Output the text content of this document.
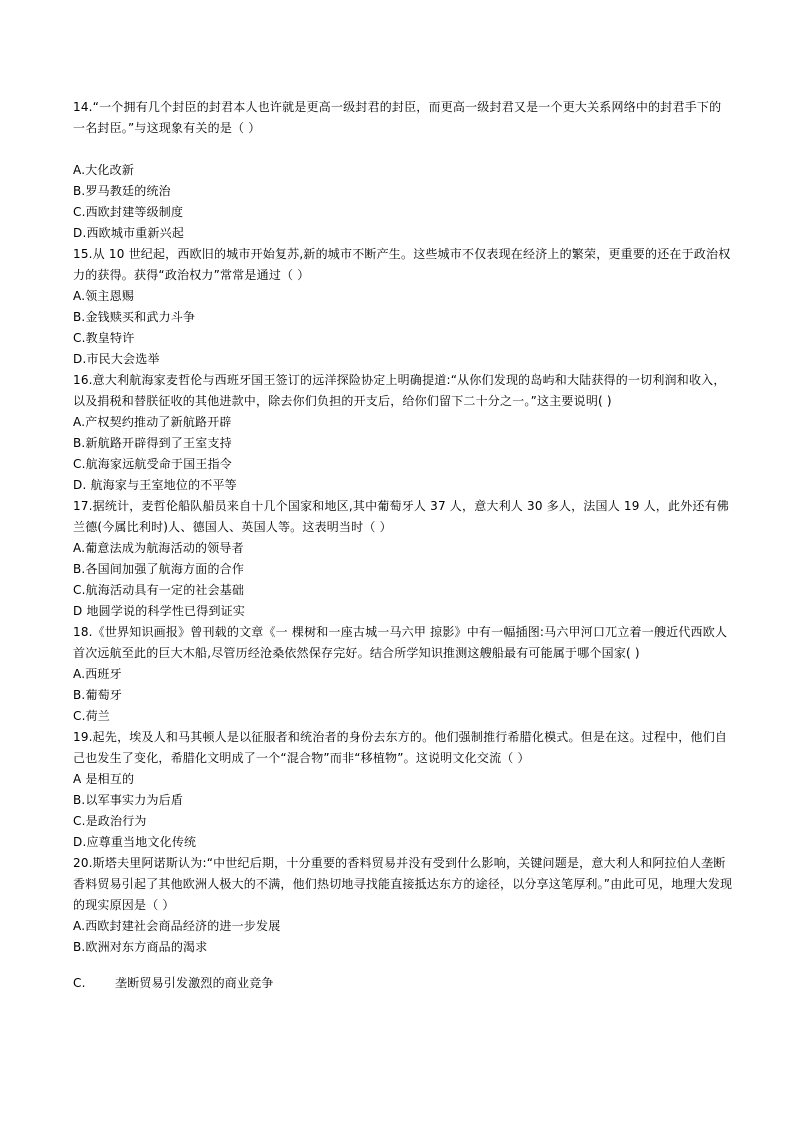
14.“一个拥有几个封臣的封君本人也许就是更高一级封君的封臣，而更高一级封君又是一个更大关系网络中的封君手下的一名封臣。”与这现象有关的是（ ）

A.大化改新

B.罗马教廷的统治

C.西欧封建等级制度

D.西欧城市重新兴起

15.从 10 世纪起，西欧旧的城市开始复苏,新的城市不断产生。这些城市不仅表现在经济上的繁荣，更重要的还在于政治权力的获得。获得“政治权力”常常是通过（ ）

A.领主恩赐

B.金钱赎买和武力斗争

C.教皇特许

D.市民大会选举

16.意大利航海家麦哲伦与西班牙国王签订的远洋探险协定上明确提道:“从你们发现的岛屿和大陆获得的一切利润和收入，以及捐税和替朕征收的其他进款中，除去你们负担的开支后，给你们留下二十分之一。”这主要说明( )

A.产权契约推动了新航路开辟

B.新航路开辟得到了王室支持

C.航海家远航受命于国王指令

D. 航海家与王室地位的不平等

17.据统计，麦哲伦船队船员来自十几个国家和地区,其中葡萄牙人 37 人，意大利人 30 多人，法国人 19 人，此外还有佛兰德(今属比利时)人、德国人、英国人等。这表明当时（ ）

A.葡意法成为航海活动的领导者

B.各国间加强了航海方面的合作

C.航海活动具有一定的社会基础

D 地圆学说的科学性已得到证实

18.《世界知识画报》曾刊载的文章《一 棵树和一座古城一马六甲 掠影》中有一幅插图:马六甲河口兀立着一艘近代西欧人首次远航至此的巨大木船,尽管历经沧桑依然保存完好。结合所学知识推测这艘船最有可能属于哪个国家( )

A.西班牙

B.葡萄牙

C.荷兰

19.起先，埃及人和马其顿人是以征服者和统治者的身份去东方的。他们强制推行希腊化模式。但是在这。过程中，他们自己也发生了变化，希腊化文明成了一个“混合物”而非“移植物”。这说明文化交流（ ）

A 是相互的

B.以军事实力为后盾

C.是政治行为

D.应尊重当地文化传统

20.斯塔夫里阿诺斯认为:“中世纪后期，十分重要的香料贸易并没有受到什么影响，关键问题是，意大利人和阿拉伯人垄断香料贸易引起了其他欧洲人极大的不满，他们热切地寻找能直接抵达东方的途径，以分享这笔厚利。”由此可见，地理大发现的现实原因是（ ）

A.西欧封建社会商品经济的进一步发展

B.欧洲对东方商品的渴求

C. 垄断贸易引发激烈的商业竞争
